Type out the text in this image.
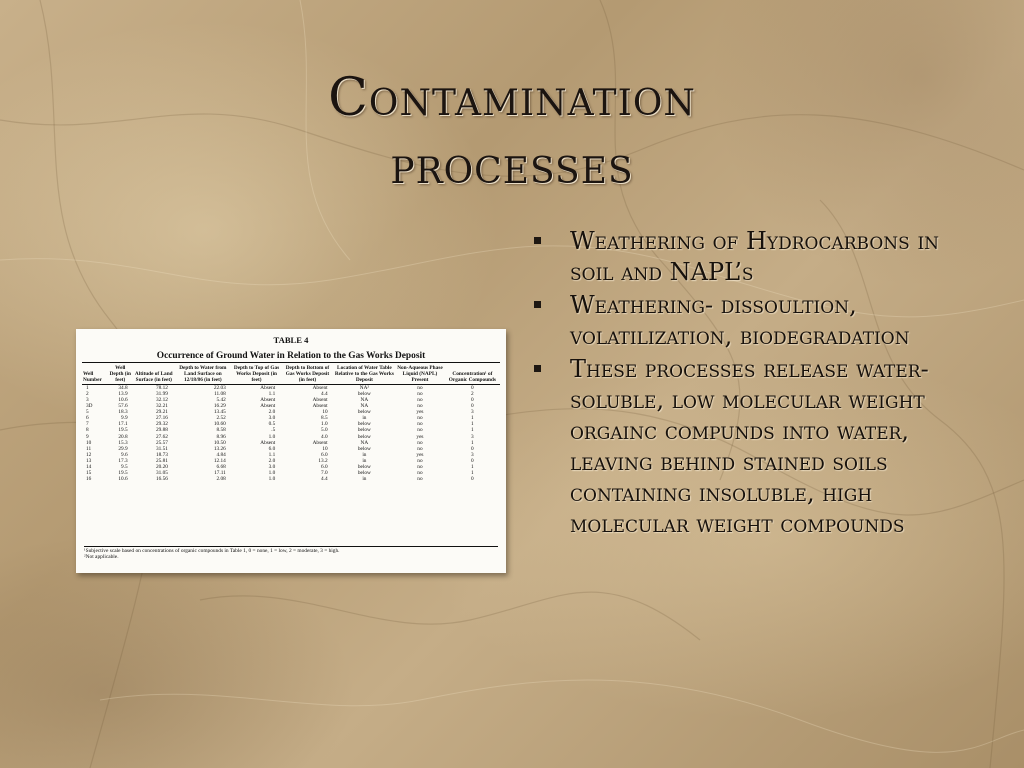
Contamination
processes
TABLE 4
Occurrence of Ground Water in Relation to the Gas Works Deposit
Well Number	Well Depth (in feet)	Altitude of Land Surface (in feet)	Depth to Water from Land Surface on 12/18/86 (in feet)	Depth to Top of Gas Works Deposit (in feet)	Depth to Bottom of Gas Works Deposit (in feet)	Location of Water Table Relative to the Gas Works Deposit	Non-Aqueous Phase Liquid (NAPL) Present	Concentration¹ of Organic Compounds
1	34.8	78.12	22.03	Absent	Absent	NA²	no	0
2	13.9	31.99	11.08	1.1	4.4	below	no	2
3	10.6	32.12	5.42	Absent	Absent	NA	no	0
3D	57.6	32.21	16.29	Absent	Absent	NA	no	0
5	18.3	29.21	13.45	2.0	10	below	yes	3
6	9.9	27.16	2.52	3.0	8.5	in	no	1
7	17.1	29.32	10.60	0.5	1.0	below	no	1
8	19.5	29.88	8.58	.5	5.0	below	no	1
9	20.8	27.62	8.96	1.0	4.0	below	yes	3
10	15.3	25.57	10.50	Absent	Absent	NA	no	1
11	29.9	31.51	13.26	6.0	10	below	no	0
12	9.6	18.73	4.84	1.1	6.0	in	yes	3
13	17.3	25.81	12.14	2.0	13.2	in	no	0
14	9.5	20.20	6.68	3.0	6.0	below	no	1
15	19.5	31.05	17.11	1.0	7.0	below	no	1
16	10.6	16.56	2.08	1.0	4.4	in	no	0
¹Subjective scale based on concentrations of organic compounds in Table 1, 0 = none, 1 = low, 2 = moderate, 3 = high.
²Not applicable.
Weathering of Hydrocarbons in soil and NAPL’s
Weathering- dissoultion, volatilization, biodegradation
These processes release water-soluble, low molecular weight orgainc compunds into water, leaving behind stained soils containing insoluble, high molecular weight compounds
